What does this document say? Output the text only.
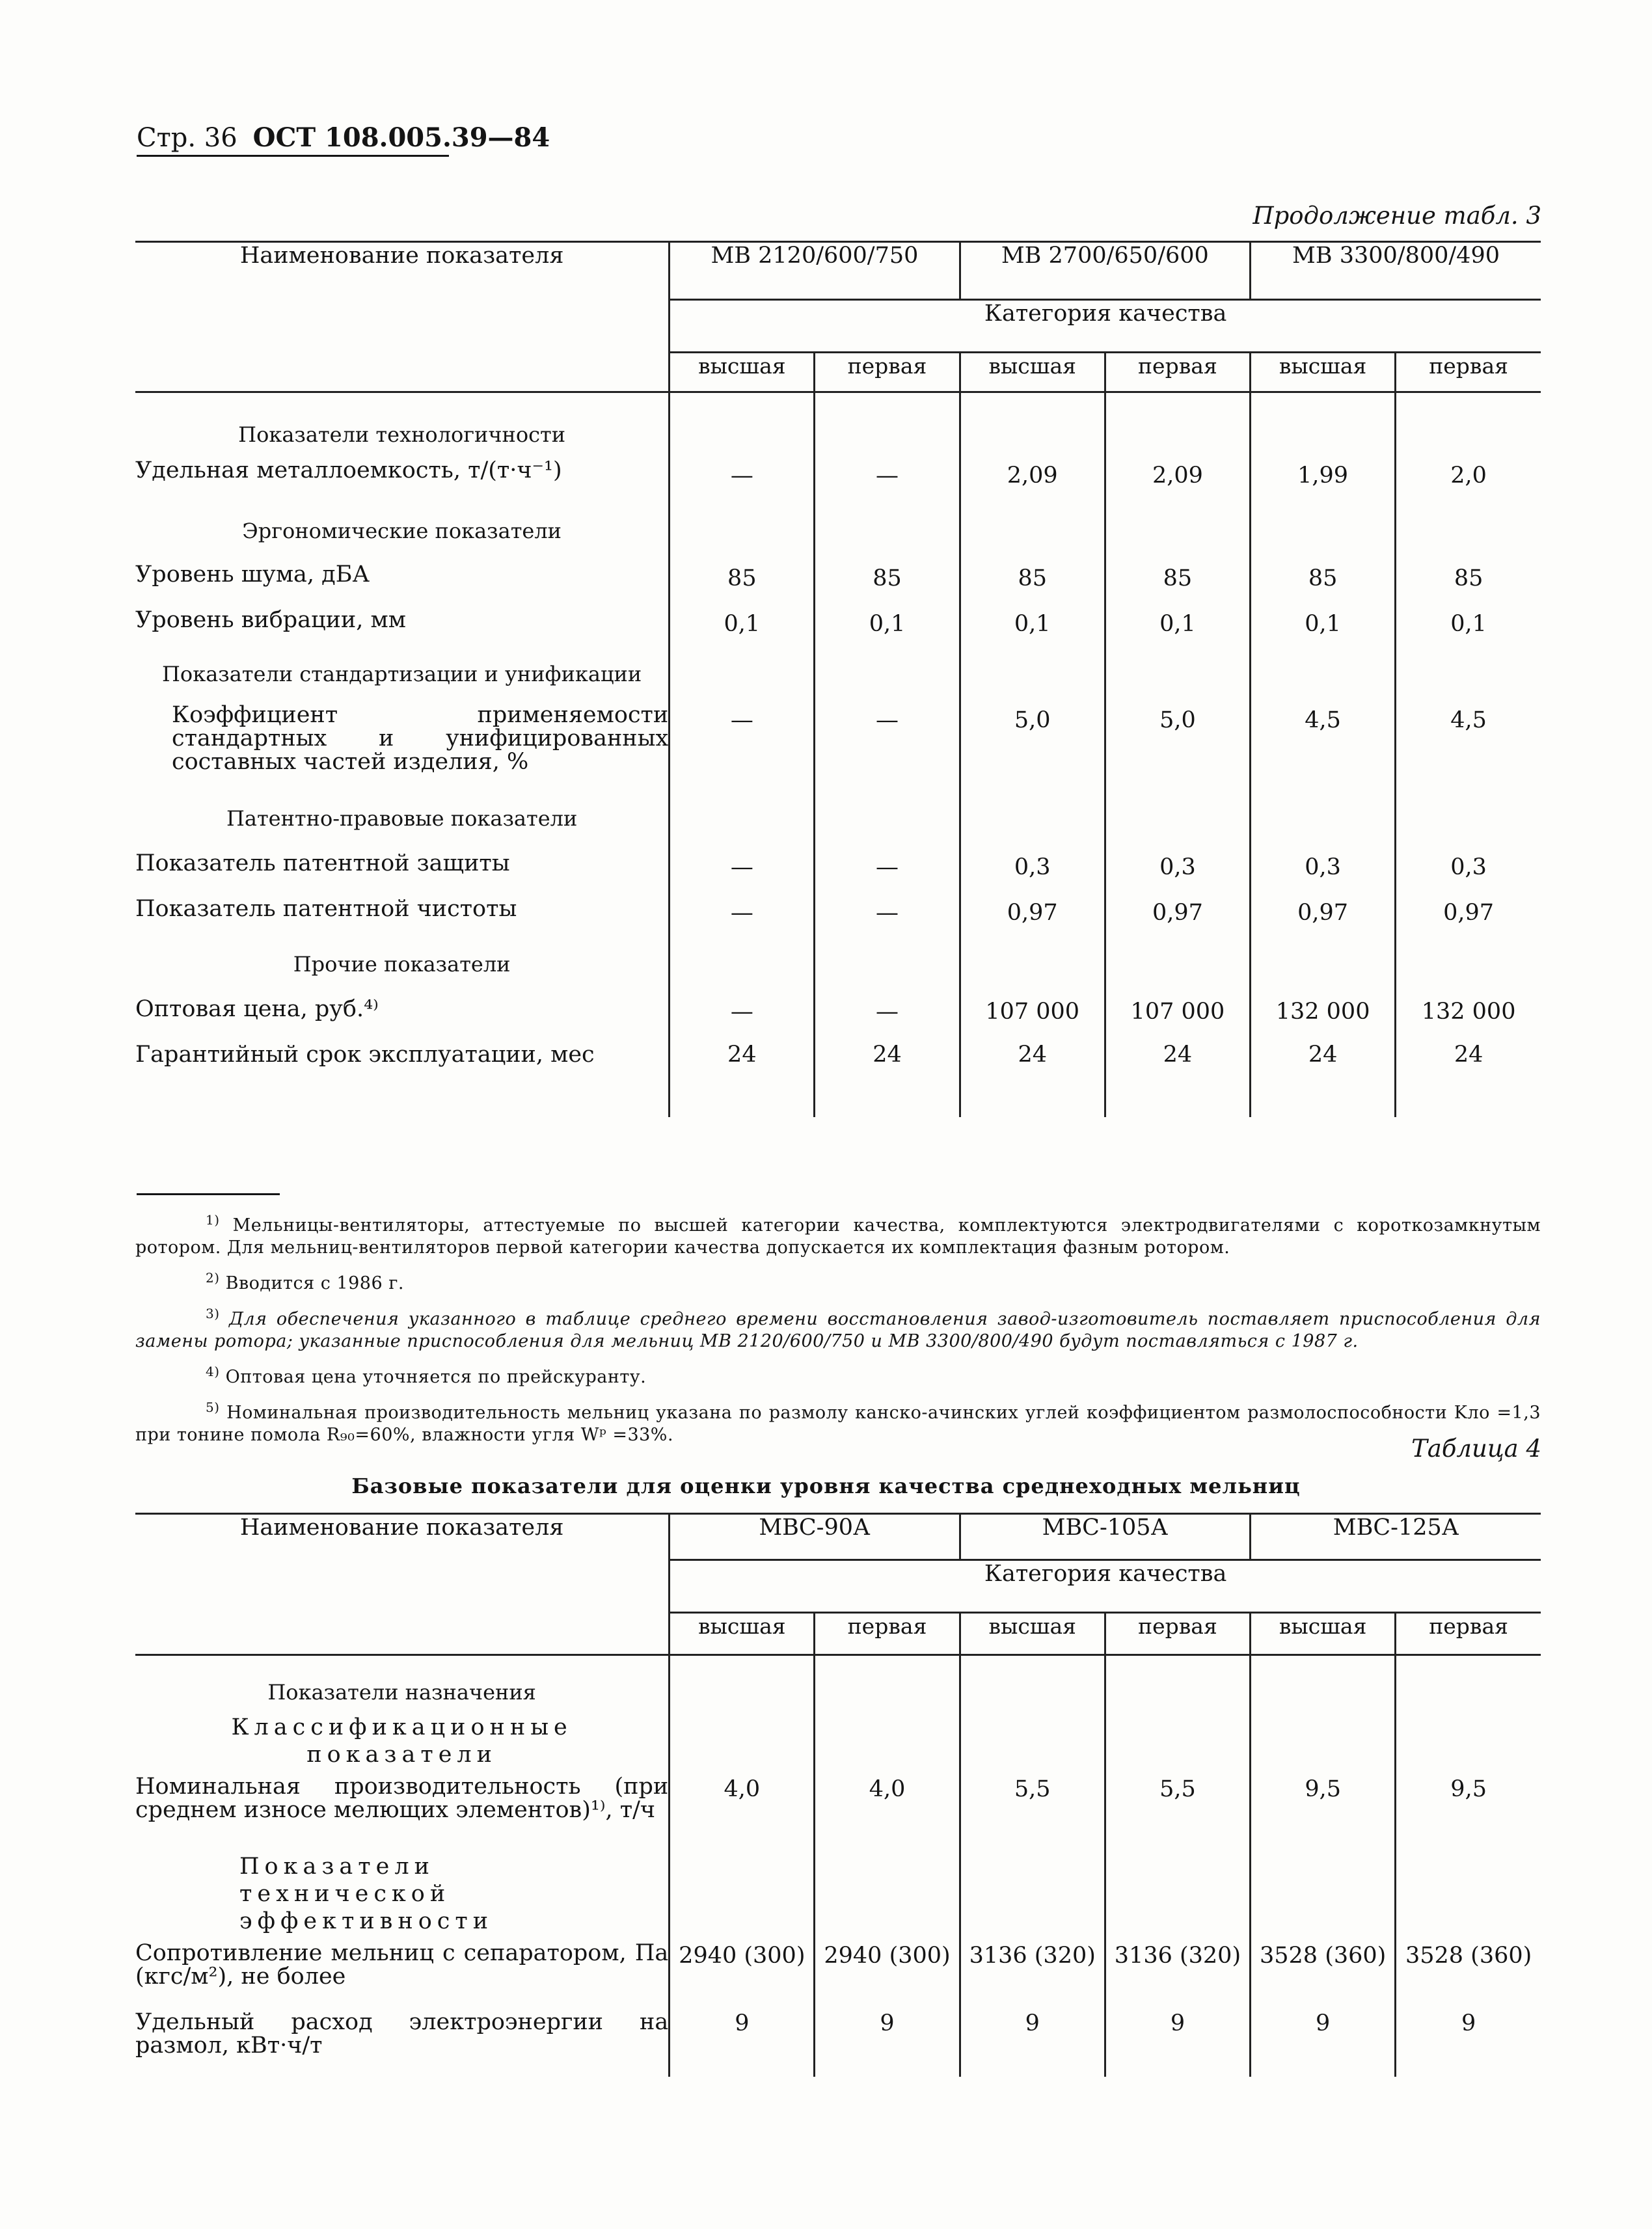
Стр. 36 ОСТ 108.005.39—84
Продолжение табл. 3
Наименование показателя	МВ 2120/600/750		МВ 2700/650/600		МВ 3300/800/490	
	Категория качества					
	высшая	первая	высшая	первая	высшая	первая
Показатели технологичности						
Удельная металлоемкость, т/(т·ч⁻¹)	—	—	2,09	2,09	1,99	2,0
Эргономические показатели						
Уровень шума, дБА	85	85	85	85	85	85
Уровень вибрации, мм	0,1	0,1	0,1	0,1	0,1	0,1
Показатели стандартизации и унификации						

Коэффициент применяемости стандартных и унифицированных составных частей изделия, %	—	—	5,0	5,0	4,5	4,5
Патентно-правовые показатели						
Показатель патентной защиты	—	—	0,3	0,3	0,3	0,3
Показатель патентной чистоты	—	—	0,97	0,97	0,97	0,97
Прочие показатели						
Оптовая цена, руб.⁴⁾	—	—	107 000	107 000	132 000	132 000
Гарантийный срок эксплуатации, мес	24	24	24	24	24	24

$^{1)}$ Мельницы-вентиляторы, аттестуемые по высшей категории качества, комплектуются электродвигателями с короткозамкнутым ротором. Для мельниц-вентиляторов первой категории качества допускается их комплектация фазным ротором.

$^{2)}$ Вводится с 1986 г.

$^{3)}$ Для обеспечения указанного в таблице среднего времени восстановления завод-изготовитель поставляет приспособления для замены ротора; указанные приспособления для мельниц МВ 2120/600/750 и МВ 3300/800/490 будут поставляться с 1987 г.

$^{4)}$ Оптовая цена уточняется по прейскуранту.

$^{5)}$ Номинальная производительность мельниц указана по размолу канско-ачинских углей коэффициентом размолоспособности Kло =1,3 при тонине помола R₉₀=60%, влажности угля Wᵖ =33%.	Таблица 4
Базовые показатели для оценки уровня качества среднеходных мельниц
Наименование показателя	МВС-90А		МВС-105А		МВС-125А	
	Категория качества					
	высшая	первая	высшая	первая	высшая	первая
Показатели назначения						
Классификационные показатели						

Номинальная производительность (при среднем износе мелющих элементов)¹⁾, т/ч	4,0	4,0	5,5	5,5	9,5	9,5
Показатели технической эффективности						

Сопротивление мельниц с сепаратором, Па (кгс/м²), не более	2940 (300)	2940 (300)	3136 (320)	3136 (320)	3528 (360)	3528 (360)

Удельный расход электроэнергии на размол, кВт·ч/т	9	9	9	9	9	9
